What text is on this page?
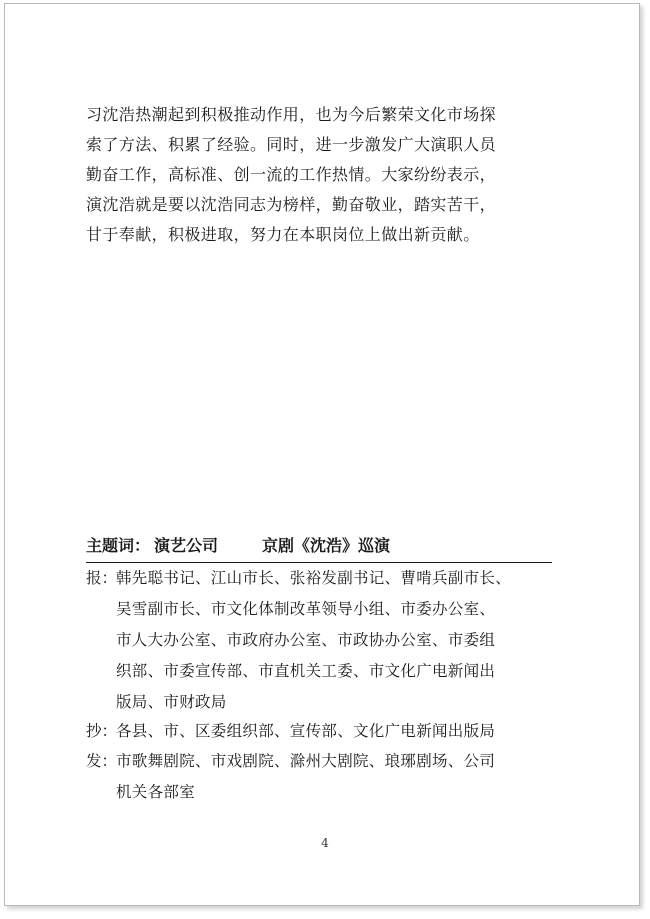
习沈浩热潮起到积极推动作用，也为今后繁荣文化市场探

索了方法、积累了经验。同时，进一步激发广大演职人员

勤奋工作，高标准、创一流的工作热情。大家纷纷表示，

演沈浩就是要以沈浩同志为榜样，勤奋敬业，踏实苦干，

甘于奉献，积极进取，努力在本职岗位上做出新贡献。

主题词： 演艺公司	京剧《沈浩》巡演
报：

韩先聪书记、江山市长、张裕发副书记、曹啃兵副市长、

吴雪副市长、市文化体制改革领导小组、市委办公室、

市人大办公室、市政府办公室、市政协办公室、市委组

织部、市委宣传部、市直机关工委、市文化广电新闻出

版局、市财政局

抄：

各县、市、区委组织部、宣传部、文化广电新闻出版局

发：

市歌舞剧院、市戏剧院、滁州大剧院、琅琊剧场、公司

机关各部室

4
